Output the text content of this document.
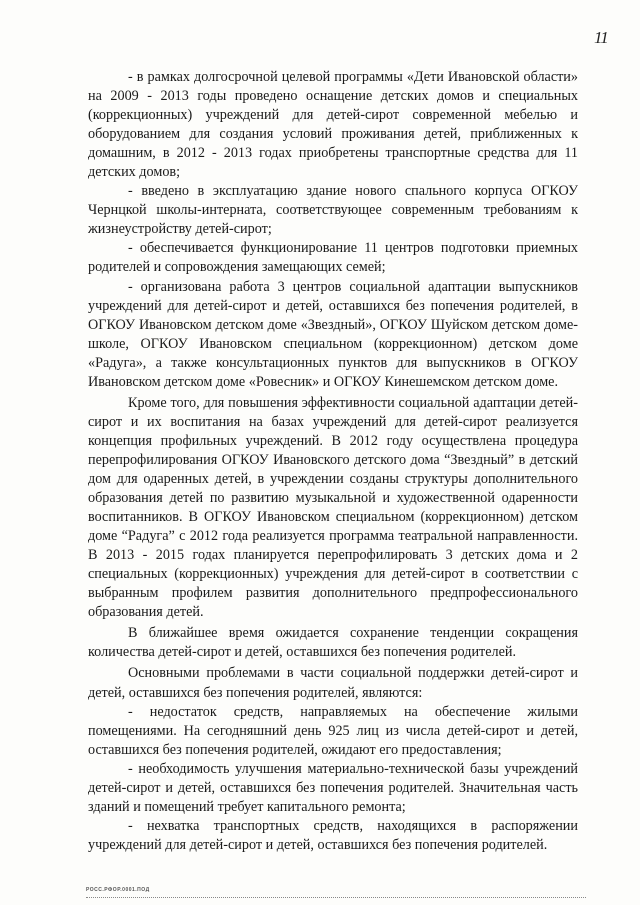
11

- в рамках долгосрочной целевой программы «Дети Ивановской области» на 2009 - 2013 годы проведено оснащение детских домов и специальных (коррекционных) учреждений для детей-сирот современной мебелью и оборудованием для создания условий проживания детей, приближенных к домашним, в 2012 - 2013 годах приобретены транспортные средства для 11 детских домов;

- введено в эксплуатацию здание нового спального корпуса ОГКОУ Чернцкой школы-интерната, соответствующее современным требованиям к жизнеустройству детей-сирот;

- обеспечивается функционирование 11 центров подготовки приемных родителей и сопровождения замещающих семей;

- организована работа 3 центров социальной адаптации выпускников учреждений для детей-сирот и детей, оставшихся без попечения родителей, в ОГКОУ Ивановском детском доме «Звездный», ОГКОУ Шуйском детском доме-школе, ОГКОУ Ивановском специальном (коррекционном) детском доме «Радуга», а также консультационных пунктов для выпускников в ОГКОУ Ивановском детском доме «Ровесник» и ОГКОУ Кинешемском детском доме.

Кроме того, для повышения эффективности социальной адаптации детей-сирот и их воспитания на базах учреждений для детей-сирот реализуется концепция профильных учреждений. В 2012 году осуществлена процедура перепрофилирования ОГКОУ Ивановского детского дома “Звездный” в детский дом для одаренных детей, в учреждении созданы структуры дополнительного образования детей по развитию музыкальной и художественной одаренности воспитанников. В ОГКОУ Ивановском специальном (коррекционном) детском доме “Радуга” с 2012 года реализуется программа театральной направленности. В 2013 - 2015 годах планируется перепрофилировать 3 детских дома и 2 специальных (коррекционных) учреждения для детей-сирот в соответствии с выбранным профилем развития дополнительного предпрофессионального образования детей.

В ближайшее время ожидается сохранение тенденции сокращения количества детей-сирот и детей, оставшихся без попечения родителей.

Основными проблемами в части социальной поддержки детей-сирот и детей, оставшихся без попечения родителей, являются:

- недостаток средств, направляемых на обеспечение жилыми помещениями. На сегодняшний день 925 лиц из числа детей-сирот и детей, оставшихся без попечения родителей, ожидают его предоставления;

- необходимость улучшения материально-технической базы учреждений детей-сирот и детей, оставшихся без попечения родителей. Значительная часть зданий и помещений требует капитального ремонта;

- нехватка транспортных средств, находящихся в распоряжении учреждений для детей-сирот и детей, оставшихся без попечения родителей.

РОСС.РФОР.0001.ПОД
